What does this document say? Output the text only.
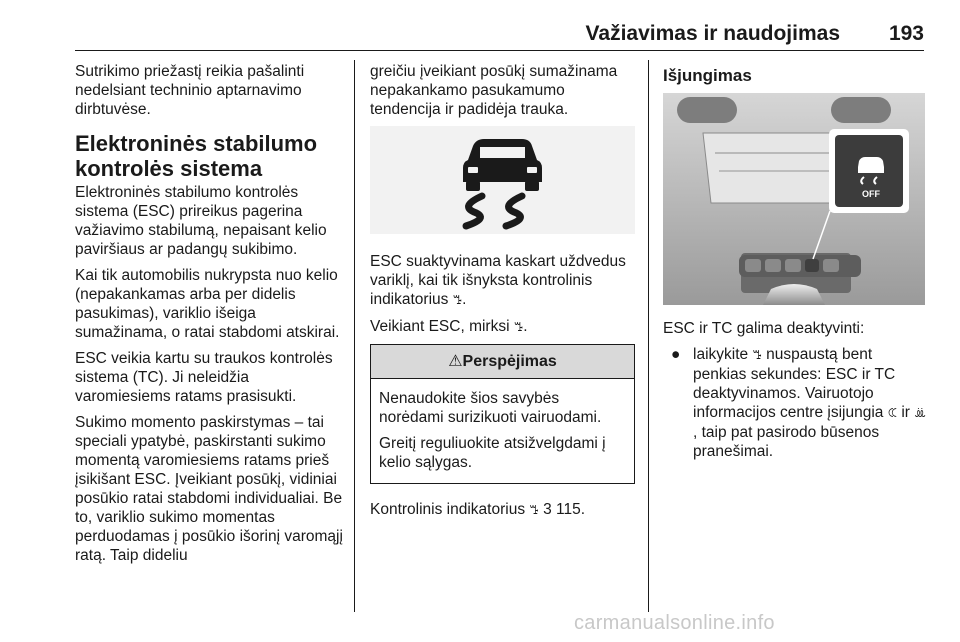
Važiavimas ir naudojimas 193

Sutrikimo priežastį reikia pašalinti nedelsiant techninio aptarnavimo dirbtuvėse.

Elektroninės stabilumo kontrolės sistema

Elektroninės stabilumo kontrolės sistema (ESC) prireikus pagerina važiavimo stabilumą, nepaisant kelio paviršiaus ar padangų sukibimo.

Kai tik automobilis nukrypsta nuo kelio (nepakankamas arba per didelis pasukimas), variklio išeiga sumažinama, o ratai stabdomi atskirai.

ESC veikia kartu su traukos kontrolės sistema (TC). Ji neleidžia varomiesiems ratams prasisukti.

Sukimo momento paskirstymas – tai speciali ypatybė, paskirstanti sukimo momentą varomiesiems ratams prieš įsikišant ESC. Įveikiant posūkį, vidiniai posūkio ratai stabdomi individualiai. Be to, variklio sukimo momentas perduodamas į posūkio išorinį varomąjį ratą. Taip dideliu

greičiu įveikiant posūkį sumažinama nepakankamo pasukamumo tendencija ir padidėja trauka.

ESC suaktyvinama kaskart uždvedus variklį, kai tik išnyksta kontrolinis indikatorius ꔤ.

Veikiant ESC, mirksi ꔤ.

⚠Perspėjimas

Nenaudokite šios savybės norėdami surizikuoti vairuodami.

Greitį reguliuokite atsižvelgdami į kelio sąlygas.

Kontrolinis indikatorius ꔤ 3 115.

Išjungimas
OFF

ESC ir TC galima deaktyvinti:

● laikykite ꔤ nuspaustą bent penkias sekundes: ESC ir TC deaktyvinamos. Vairuotojo informacijos centre įsijungia ꕆ ir ꔣ, taip pat pasirodo būsenos pranešimai.
carmanualsonline.info
